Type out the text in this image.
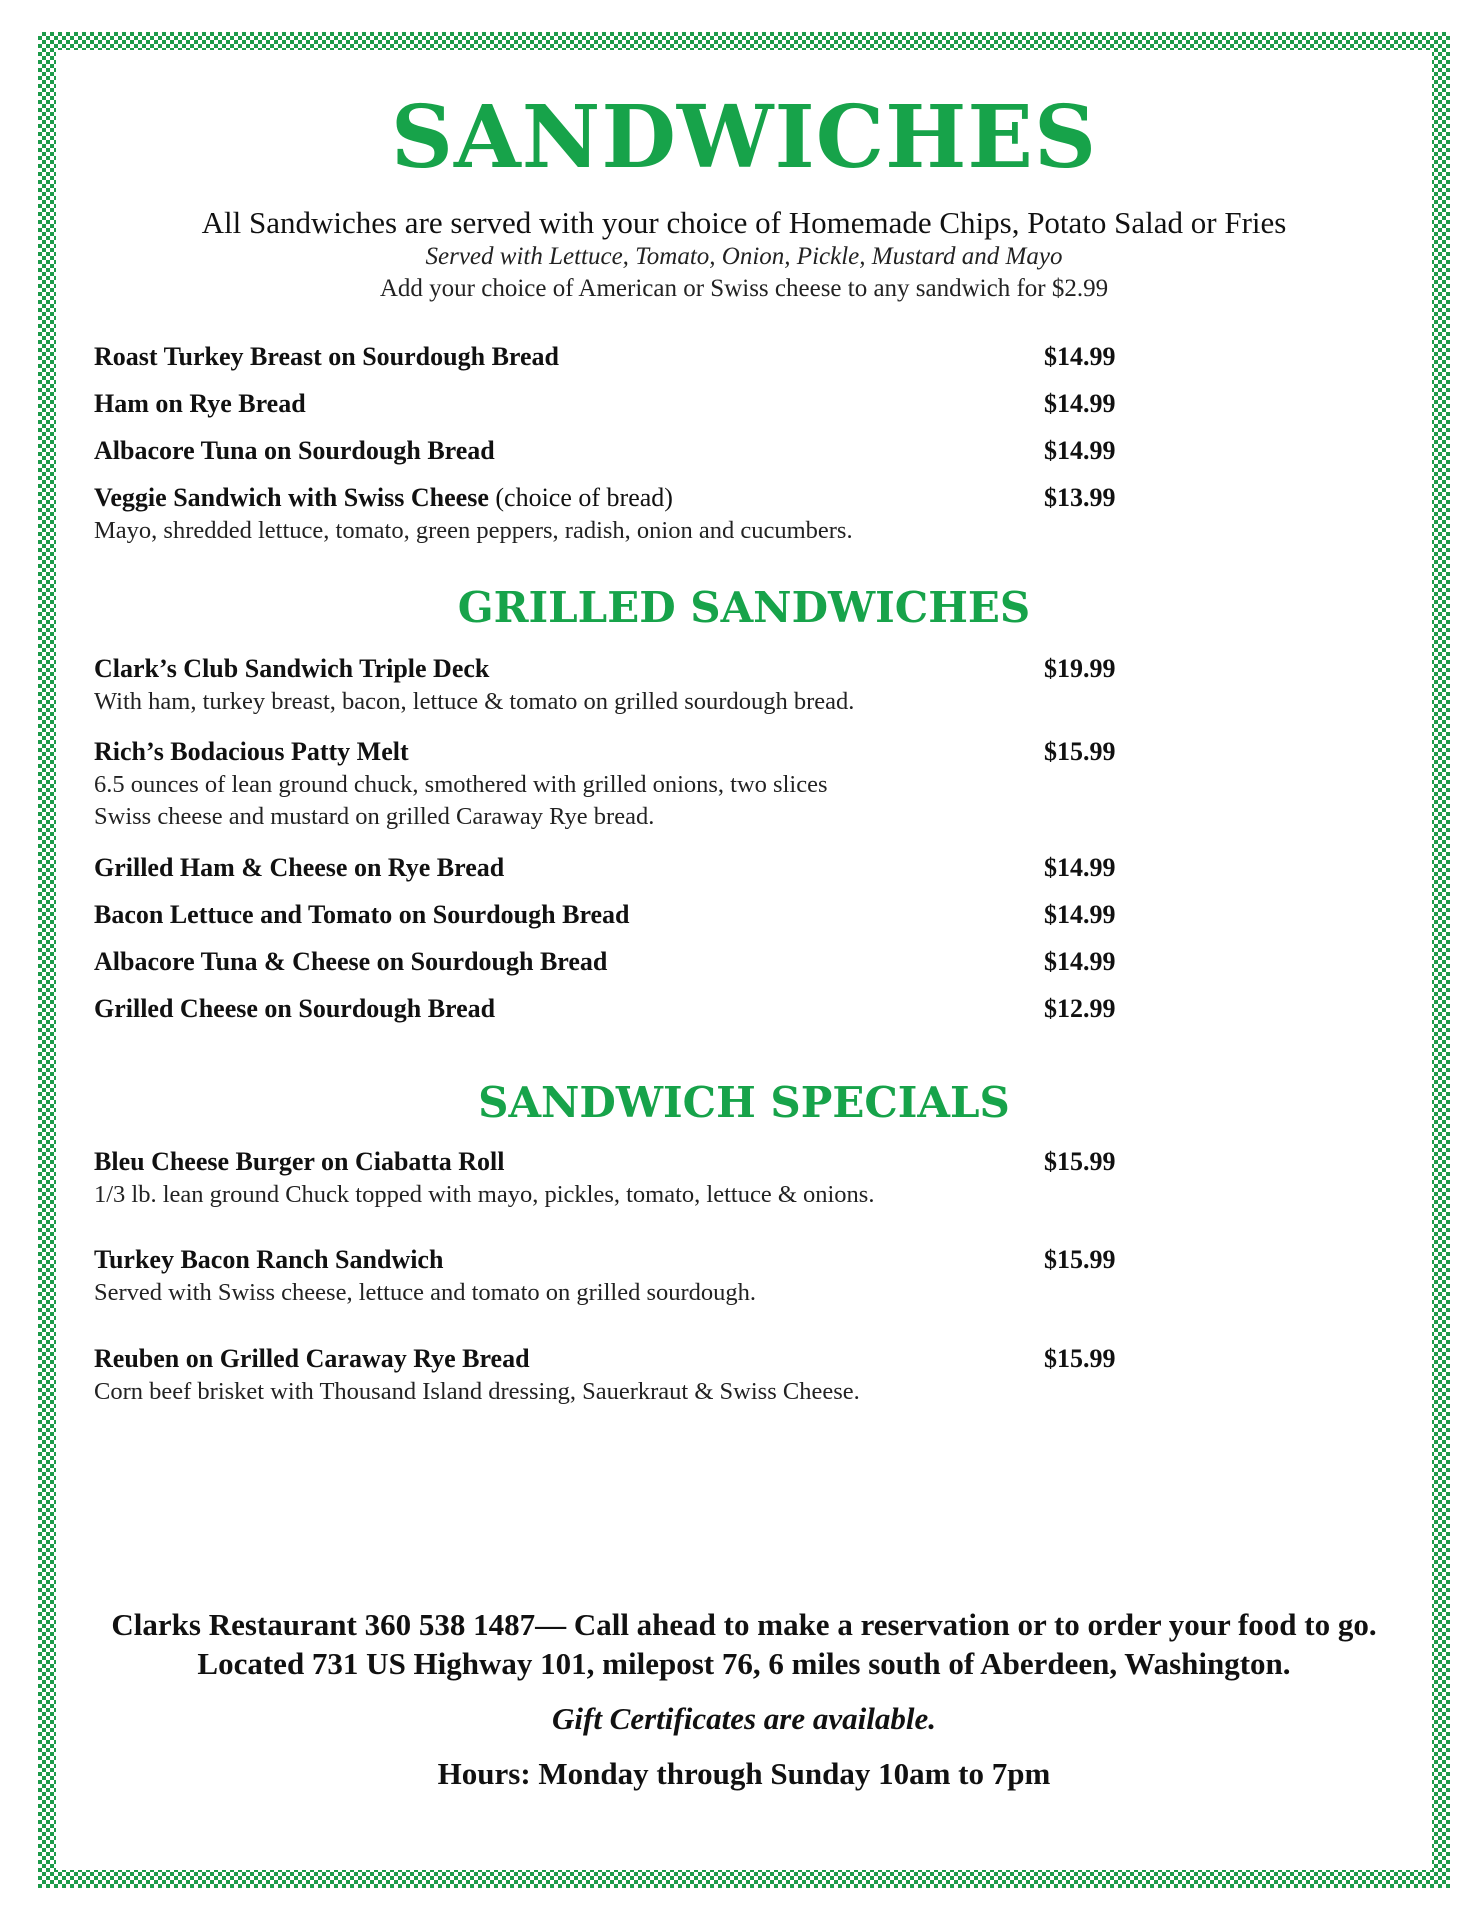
SANDWICHES
All Sandwiches are served with your choice of Homemade Chips, Potato Salad or Fries
Served with Lettuce, Tomato, Onion, Pickle, Mustard and Mayo
Add your choice of American or Swiss cheese to any sandwich for $2.99
Roast Turkey Breast on Sourdough Bread	$14.99
Ham on Rye Bread	$14.99
Albacore Tuna on Sourdough Bread	$14.99
Veggie Sandwich with Swiss Cheese (choice of bread)	$13.99
Mayo, shredded lettuce, tomato, green peppers, radish, onion and cucumbers.
GRILLED SANDWICHES
Clark’s Club Sandwich Triple Deck	$19.99
With ham, turkey breast, bacon, lettuce & tomato on grilled sourdough bread.
Rich’s Bodacious Patty Melt	$15.99
6.5 ounces of lean ground chuck, smothered with grilled onions, two slices
Swiss cheese and mustard on grilled Caraway Rye bread.
Grilled Ham & Cheese on Rye Bread	$14.99
Bacon Lettuce and Tomato on Sourdough Bread	$14.99
Albacore Tuna & Cheese on Sourdough Bread	$14.99
Grilled Cheese on Sourdough Bread	$12.99
SANDWICH SPECIALS
Bleu Cheese Burger on Ciabatta Roll	$15.99
1/3 lb. lean ground Chuck topped with mayo, pickles, tomato, lettuce & onions.
Turkey Bacon Ranch Sandwich	$15.99
Served with Swiss cheese, lettuce and tomato on grilled sourdough.
Reuben on Grilled Caraway Rye Bread	$15.99
Corn beef brisket with Thousand Island dressing, Sauerkraut & Swiss Cheese.
Clarks Restaurant 360 538 1487— Call ahead to make a reservation or to order your food to go.
Located 731 US Highway 101, milepost 76, 6 miles south of Aberdeen, Washington.
Gift Certificates are available.
Hours: Monday through Sunday 10am to 7pm
